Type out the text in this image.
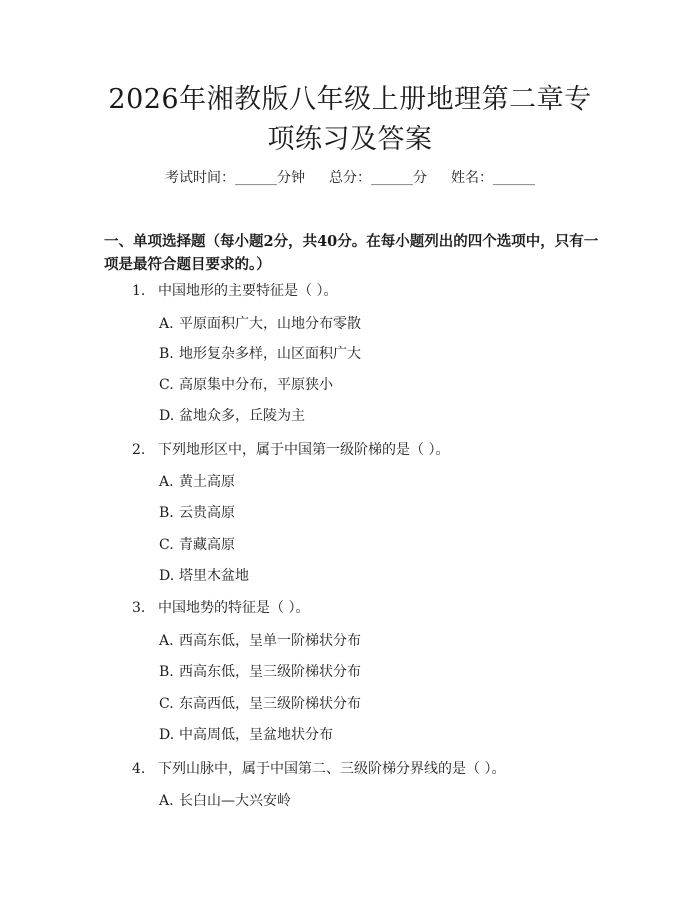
2026年湘教版八年级上册地理第二章专项练习及答案
考试时间：______分钟 总分：______分 姓名：______

一、单项选择题（每小题2分，共40分。在每小题列出的四个选项中，只有一项是最符合题目要求的。）

1. 中国地形的主要特征是（ ）。

A. 平原面积广大，山地分布零散

B. 地形复杂多样，山区面积广大

C. 高原集中分布，平原狭小

D. 盆地众多，丘陵为主

2. 下列地形区中，属于中国第一级阶梯的是（ ）。

A. 黄土高原

B. 云贵高原

C. 青藏高原

D. 塔里木盆地

3. 中国地势的特征是（ ）。

A. 西高东低，呈单一阶梯状分布

B. 西高东低，呈三级阶梯状分布

C. 东高西低，呈三级阶梯状分布

D. 中高周低，呈盆地状分布

4. 下列山脉中，属于中国第二、三级阶梯分界线的是（ ）。

A. 长白山—大兴安岭
